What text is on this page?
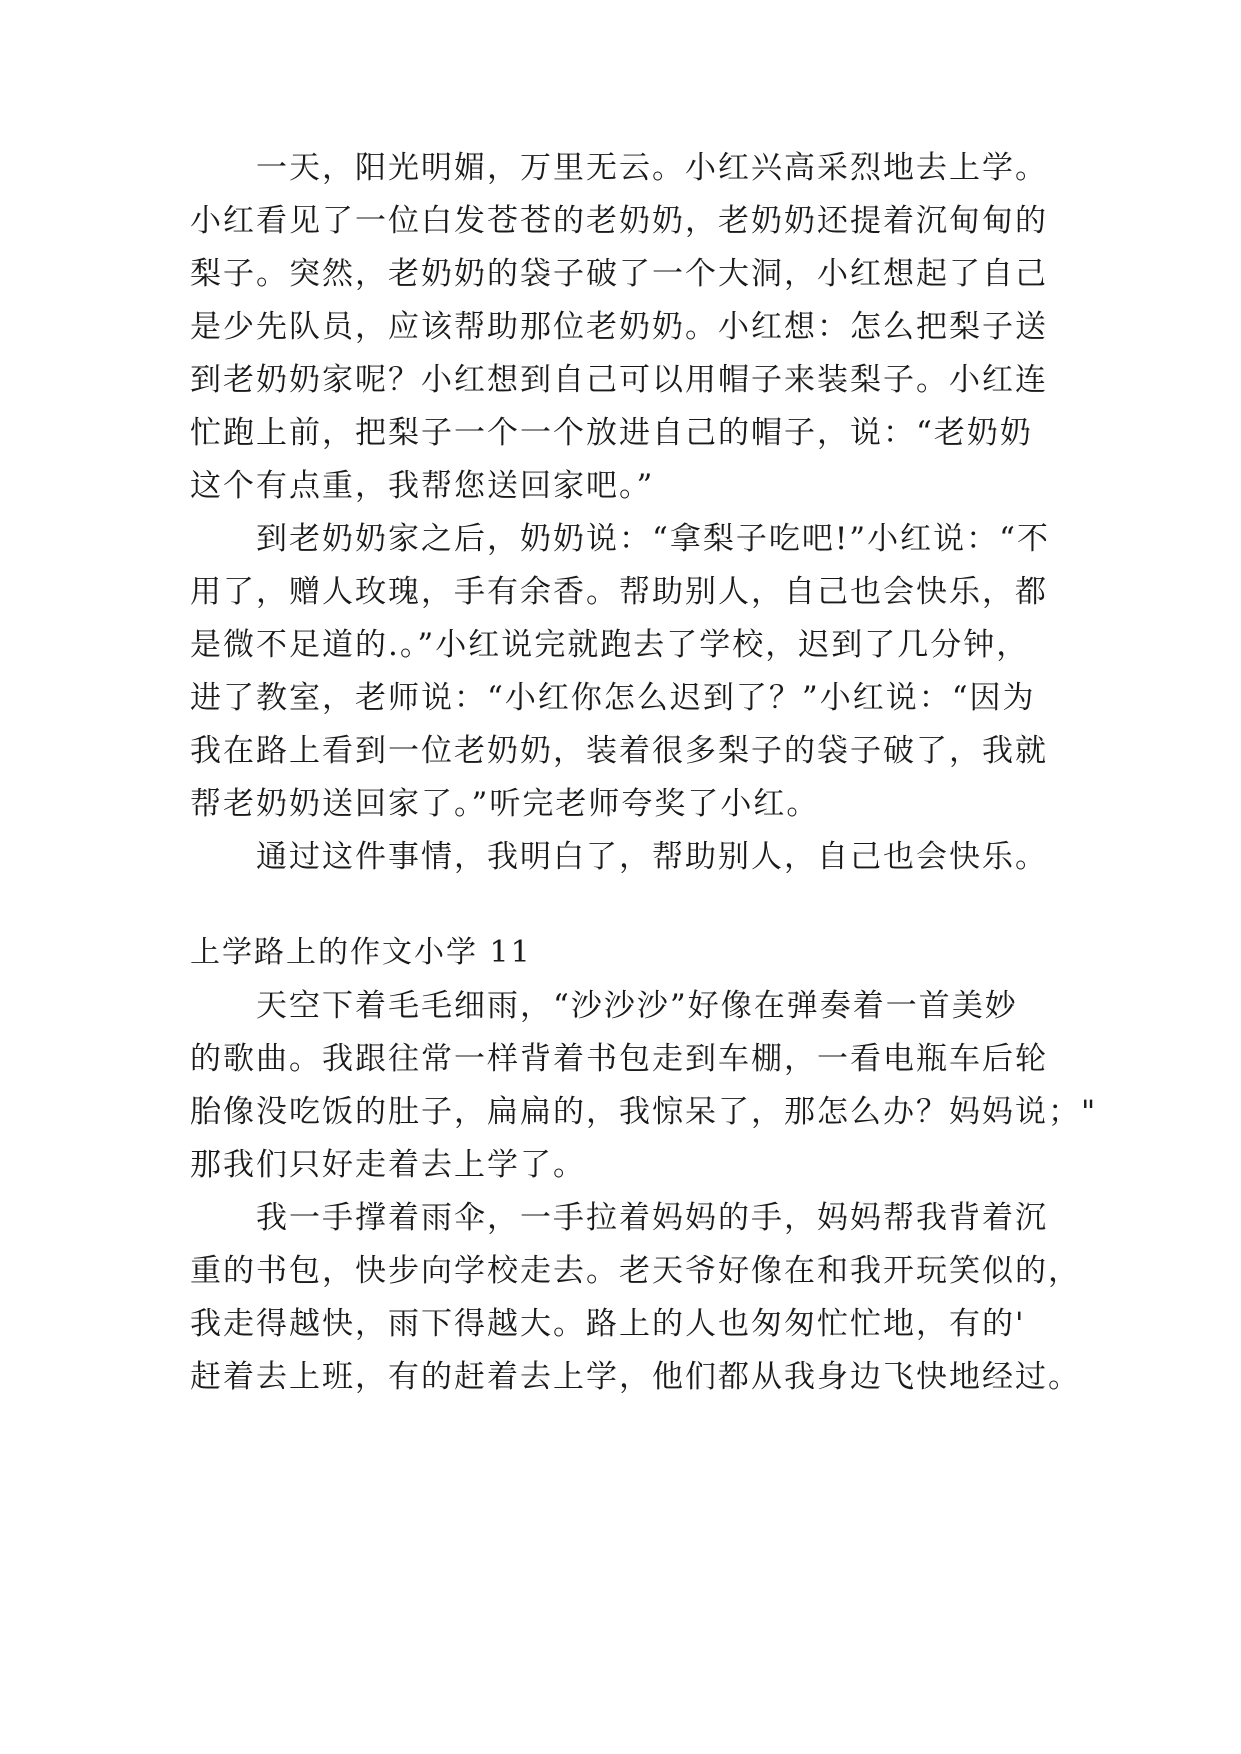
一天，阳光明媚，万里无云。小红兴高采烈地去上学。
小红看见了一位白发苍苍的老奶奶，老奶奶还提着沉甸甸的
梨子。突然，老奶奶的袋子破了一个大洞，小红想起了自己
是少先队员，应该帮助那位老奶奶。小红想：怎么把梨子送
到老奶奶家呢？小红想到自己可以用帽子来装梨子。小红连
忙跑上前，把梨子一个一个放进自己的帽子，说：“老奶奶
这个有点重，我帮您送回家吧。”
到老奶奶家之后，奶奶说：“拿梨子吃吧!”小红说：“不
用了，赠人玫瑰，手有余香。帮助别人，自己也会快乐，都
是微不足道的.。”小红说完就跑去了学校，迟到了几分钟，
进了教室，老师说：“小红你怎么迟到了？”小红说：“因为
我在路上看到一位老奶奶，装着很多梨子的袋子破了，我就
帮老奶奶送回家了。”听完老师夸奖了小红。
通过这件事情，我明白了，帮助别人，自己也会快乐。
上学路上的作文小学 11
天空下着毛毛细雨，“沙沙沙”好像在弹奏着一首美妙
的歌曲。我跟往常一样背着书包走到车棚，一看电瓶车后轮
胎像没吃饭的肚子，扁扁的，我惊呆了，那怎么办？妈妈说；"
那我们只好走着去上学了。
我一手撑着雨伞，一手拉着妈妈的手，妈妈帮我背着沉
重的书包，快步向学校走去。老天爷好像在和我开玩笑似的，
我走得越快，雨下得越大。路上的人也匆匆忙忙地，有的'
赶着去上班，有的赶着去上学，他们都从我身边飞快地经过。
